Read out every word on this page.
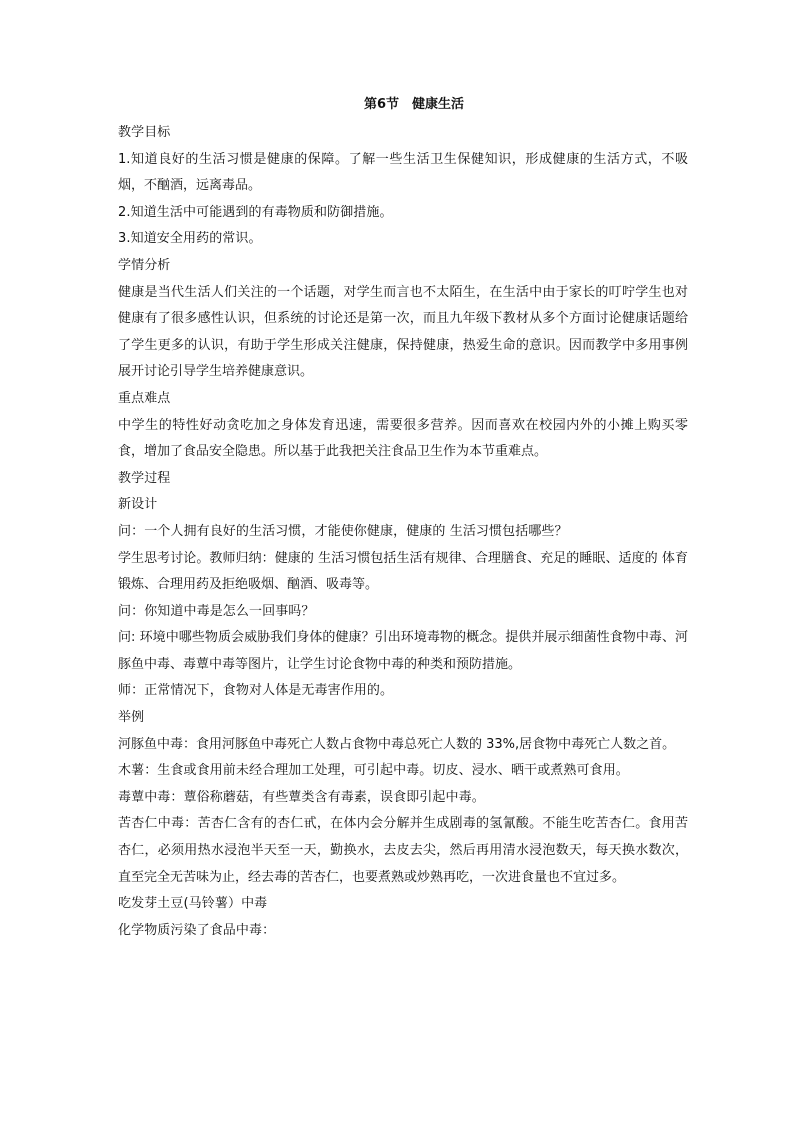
第6节　健康生活
教学目标

1.知道良好的生活习惯是健康的保障。了解一些生活卫生保健知识，形成健康的生活方式，不吸烟，不酗酒，远离毒品。

2.知道生活中可能遇到的有毒物质和防御措施。
3.知道安全用药的常识。
学情分析

健康是当代生活人们关注的一个话题，对学生而言也不太陌生，在生活中由于家长的叮咛学生也对健康有了很多感性认识，但系统的讨论还是第一次，而且九年级下教材从多个方面讨论健康话题给了学生更多的认识，有助于学生形成关注健康，保持健康，热爱生命的意识。因而教学中多用事例展开讨论引导学生培养健康意识。

重点难点

中学生的特性好动贪吃加之身体发育迅速，需要很多营养。因而喜欢在校园内外的小摊上购买零食，增加了食品安全隐患。所以基于此我把关注食品卫生作为本节重难点。

教学过程
新设计
问：一个人拥有良好的生活习惯，才能使你健康，健康的 生活习惯包括哪些？

学生思考讨论。教师归纳：健康的 生活习惯包括生活有规律、合理膳食、充足的睡眠、适度的 体育锻炼、合理用药及拒绝吸烟、酗酒、吸毒等。

问：你知道中毒是怎么一回事吗？

问: 环境中哪些物质会威胁我们身体的健康？引出环境毒物的概念。提供并展示细菌性食物中毒、河豚鱼中毒、毒蕈中毒等图片，让学生讨论食物中毒的种类和预防措施。

师：正常情况下，食物对人体是无毒害作用的。
举例

河豚鱼中毒：食用河豚鱼中毒死亡人数占食物中毒总死亡人数的 33%,居食物中毒死亡人数之首。

木薯：生食或食用前未经合理加工处理，可引起中毒。切皮、浸水、晒干或煮熟可食用。
毒蕈中毒：蕈俗称蘑菇，有些蕈类含有毒素，误食即引起中毒。

苦杏仁中毒：苦杏仁含有的杏仁甙，在体内会分解并生成剧毒的氢氰酸。不能生吃苦杏仁。食用苦杏仁，必须用热水浸泡半天至一天，勤换水，去皮去尖，然后再用清水浸泡数天，每天换水数次，直至完全无苦味为止，经去毒的苦杏仁，也要煮熟或炒熟再吃，一次进食量也不宜过多。

吃发芽土豆(马铃薯）中毒
化学物质污染了食品中毒：
